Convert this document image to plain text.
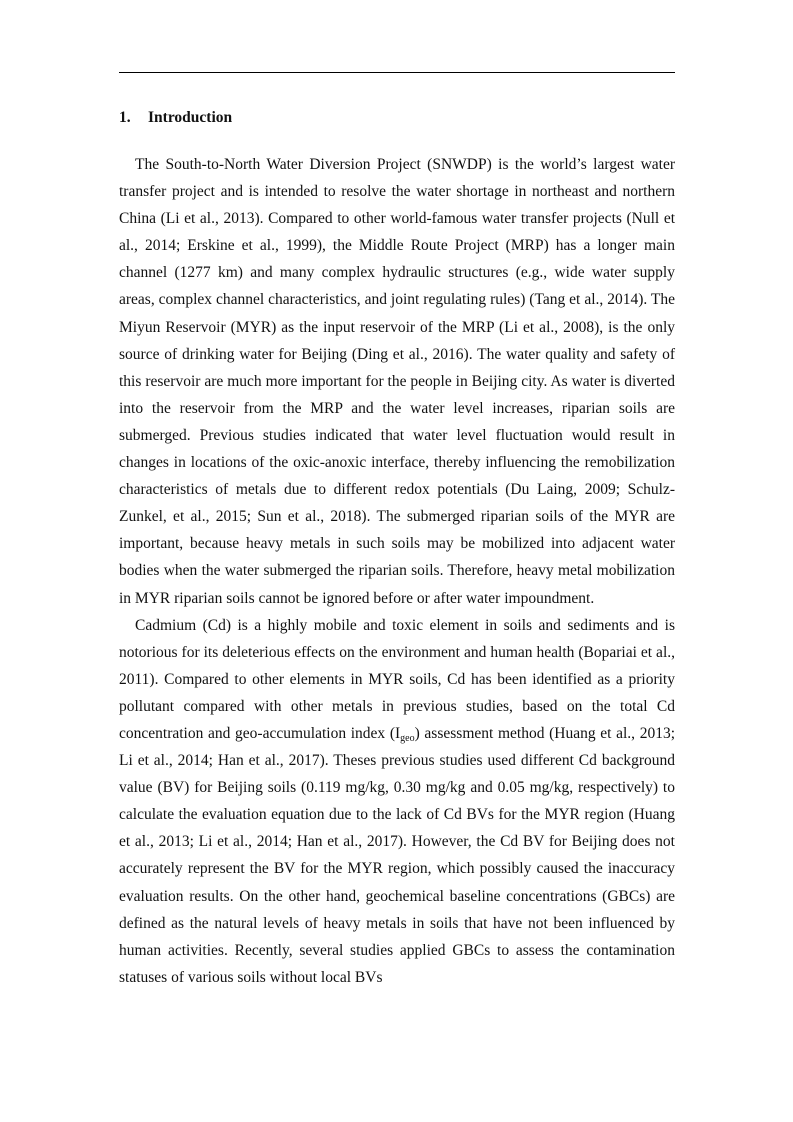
1. Introduction

The South-to-North Water Diversion Project (SNWDP) is the world’s largest water transfer project and is intended to resolve the water shortage in northeast and northern China (Li et al., 2013). Compared to other world-famous water transfer projects (Null et al., 2014; Erskine et al., 1999), the Middle Route Project (MRP) has a longer main channel (1277 km) and many complex hydraulic structures (e.g., wide water supply areas, complex channel characteristics, and joint regulating rules) (Tang et al., 2014). The Miyun Reservoir (MYR) as the input reservoir of the MRP (Li et al., 2008), is the only source of drinking water for Beijing (Ding et al., 2016). The water quality and safety of this reservoir are much more important for the people in Beijing city. As water is diverted into the reservoir from the MRP and the water level increases, riparian soils are submerged. Previous studies indicated that water level fluctuation would result in changes in locations of the oxic-anoxic interface, thereby influencing the remobilization characteristics of metals due to different redox potentials (Du Laing, 2009; Schulz-Zunkel, et al., 2015; Sun et al., 2018). The submerged riparian soils of the MYR are important, because heavy metals in such soils may be mobilized into adjacent water bodies when the water submerged the riparian soils. Therefore, heavy metal mobilization in MYR riparian soils cannot be ignored before or after water impoundment.

Cadmium (Cd) is a highly mobile and toxic element in soils and sediments and is notorious for its deleterious effects on the environment and human health (Bopariai et al., 2011). Compared to other elements in MYR soils, Cd has been identified as a priority pollutant compared with other metals in previous studies, based on the total Cd concentration and geo-accumulation index $(I_{geo})$ assessment method (Huang et al., 2013; Li et al., 2014; Han et al., 2017). Theses previous studies used different Cd background value (BV) for Beijing soils (0.119 mg/kg, 0.30 mg/kg and 0.05 mg/kg, respectively) to calculate the evaluation equation due to the lack of Cd BVs for the MYR region (Huang et al., 2013; Li et al., 2014; Han et al., 2017). However, the Cd BV for Beijing does not accurately represent the BV for the MYR region, which possibly caused the inaccuracy evaluation results. On the other hand, geochemical baseline concentrations (GBCs) are defined as the natural levels of heavy metals in soils that have not been influenced by human activities. Recently, several studies applied GBCs to assess the contamination statuses of various soils without local BVs
